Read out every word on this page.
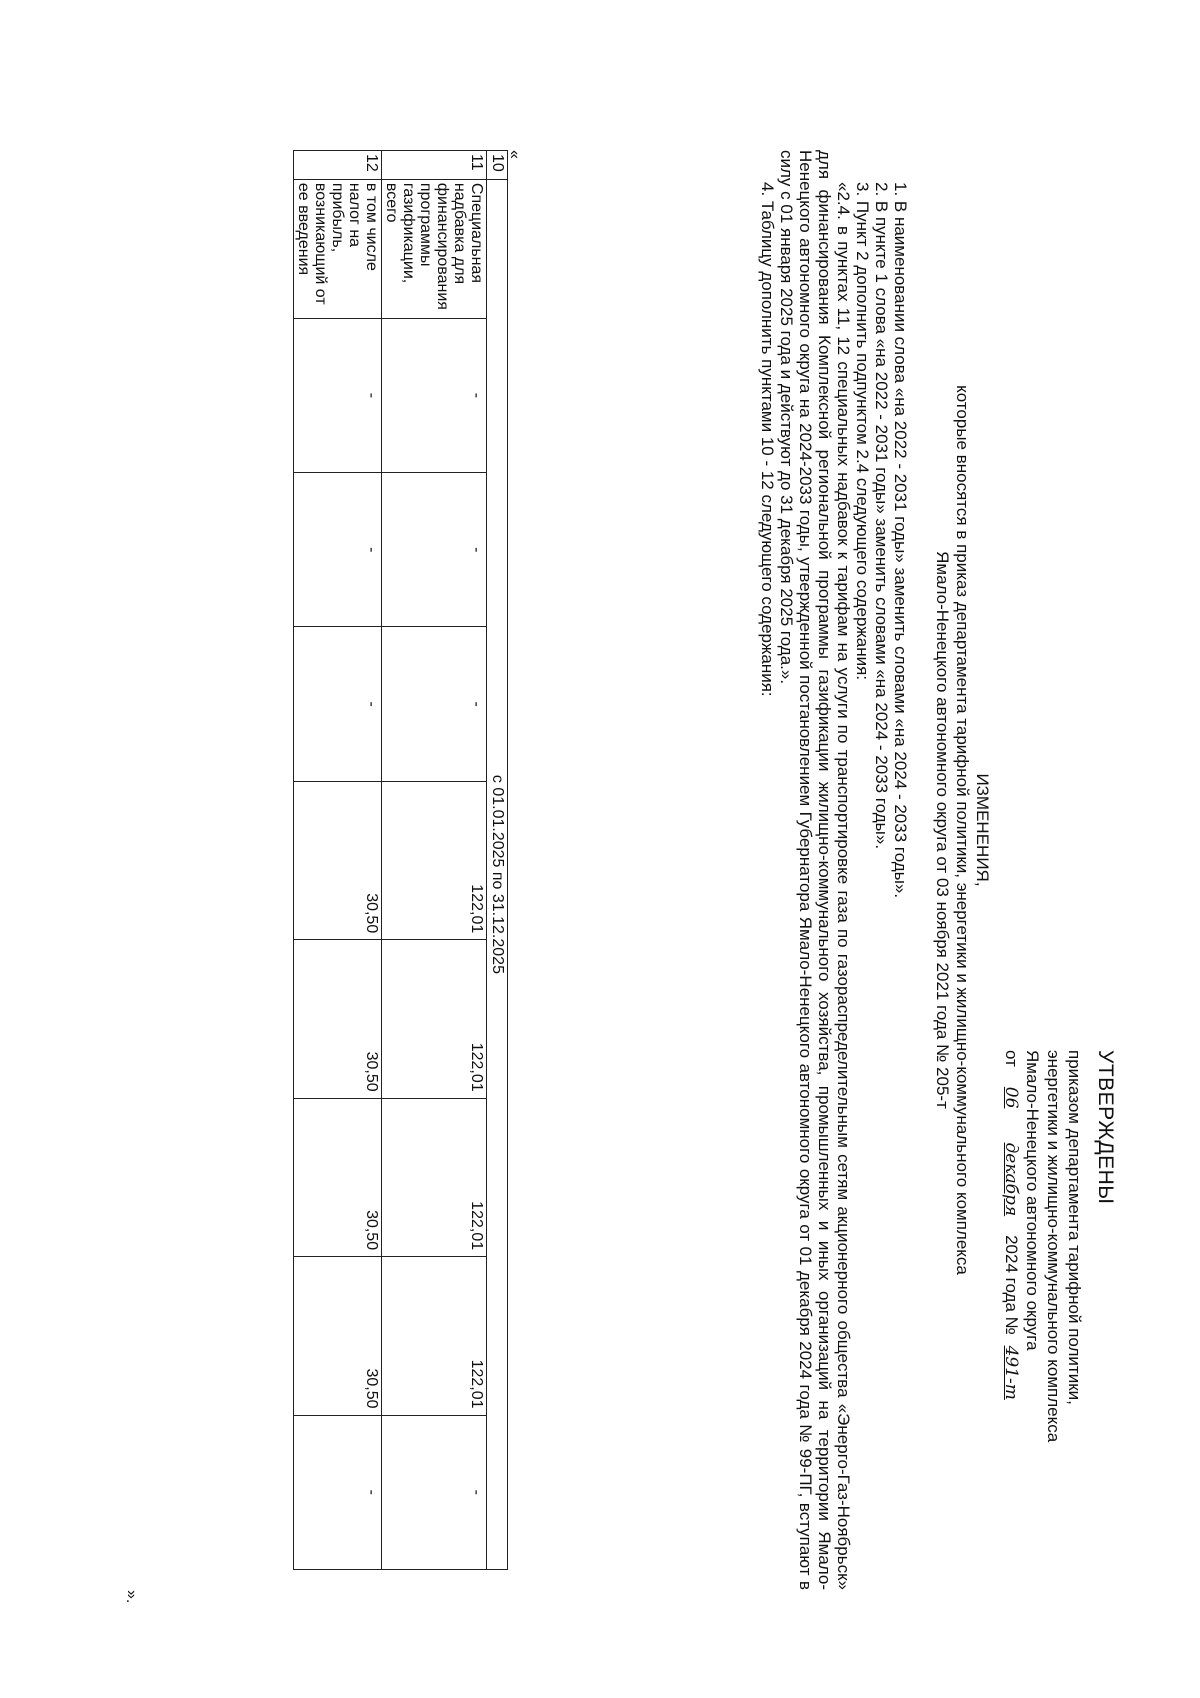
УТВЕРЖДЕНЫ
приказом департамента тарифной политики,
энергетики и жилищно-коммунального комплекса
Ямало-Ненецкого автономного округа
от 06 декабря 2024 года № 491-т
ИЗМЕНЕНИЯ,
которые вносятся в приказ департамента тарифной политики, энергетики и жилищно-коммунального комплекса
Ямало-Ненецкого автономного округа от 03 ноября 2021 года № 205-т

1. В наименовании слова «на 2022 - 2031 годы» заменить словами «на 2024 - 2033 годы».

2. В пункте 1 слова «на 2022 - 2031 годы» заменить словами «на 2024 - 2033 годы».

3. Пункт 2 дополнить подпунктом 2.4 следующего содержания:

«2.4. в пунктах 11, 12 специальных надбавок к тарифам на услуги по транспортировке газа по газораспределительным сетям акционерного общества «Энерго-Газ-Ноябрьск» для финансирования Комплексной региональной программы газификации жилищно-коммунального хозяйства, промышленных и иных организаций на территории Ямало-Ненецкого автономного округа на 2024-2033 годы, утвержденной постановлением Губернатора Ямало-Ненецкого автономного округа от 01 декабря 2024 года № 99-ПГ, вступают в силу с 01 января 2025 года и действуют до 31 декабря 2025 года.».

4. Таблицу дополнить пунктами 10 - 12 следующего содержания:

«
10	с 01.01.2025 по 31.12.2025								
11	Специальная надбавка для финансирования программы газификации, всего	-	-	-	122,01	122,01	122,01	122,01	-
12	в том числе налог на прибыль, возникающий от ее введения	-	-	-	30,50	30,50	30,50	30,50	-
».
